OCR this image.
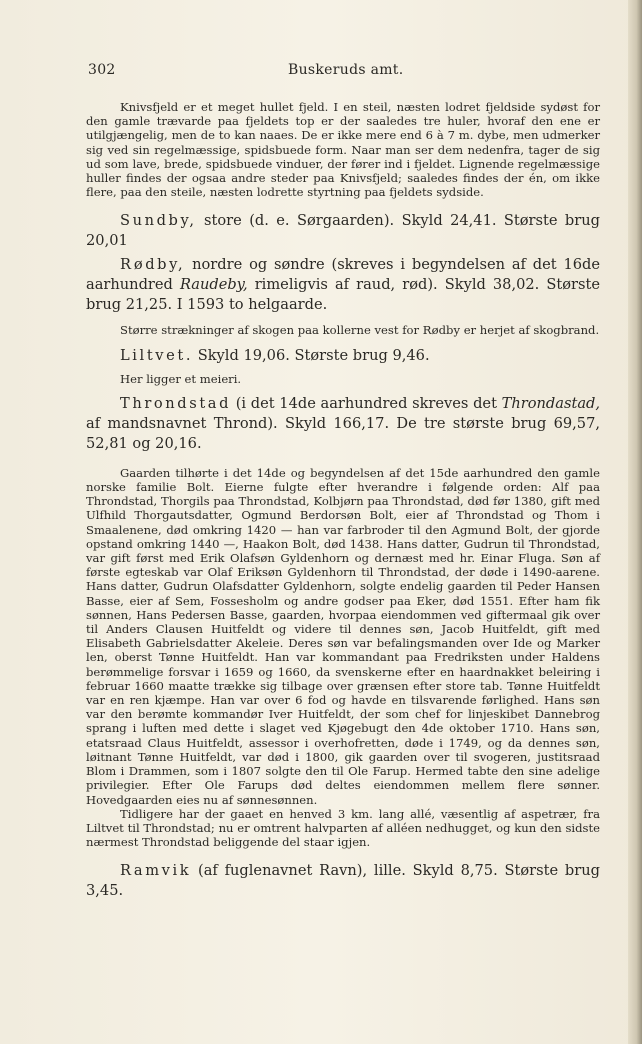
302	Buskeruds amt.

Knivsfjeld er et meget hullet fjeld. I en steil, næsten lodret fjeldside sydøst for den gamle trævarde paa fjeldets top er der saaledes tre huler, hvoraf den ene er utilgjængelig, men de to kan naaes. De er ikke mere end 6 à 7 m. dybe, men udmerker sig ved sin regelmæssige, spidsbuede form. Naar man ser dem nedenfra, tager de sig ud som lave, brede, spidsbuede vinduer, der fører ind i fjeldet. Lignende regelmæssige huller findes der ogsaa andre steder paa Knivsfjeld; saaledes findes der én, om ikke flere, paa den steile, næsten lodrette styrtning paa fjeldets sydside.

Sundby, store (d. e. Sørgaarden). Skyld 24,41. Største brug 20,01

Rødby, nordre og søndre (skreves i begyndelsen af det 16de aarhundred Raudeby, rimeligvis af raud, rød). Skyld 38,02. Største brug 21,25. I 1593 to helgaarde.

Større strækninger af skogen paa kollerne vest for Rødby er herjet af skogbrand.

Liltvet. Skyld 19,06. Største brug 9,46.

Her ligger et meieri.

Throndstad (i det 14de aarhundred skreves det Throndastad, af mandsnavnet Thrond). Skyld 166,17. De tre største brug 69,57, 52,81 og 20,16.

Gaarden tilhørte i det 14de og begyndelsen af det 15de aarhundred den gamle norske familie Bolt. Eierne fulgte efter hverandre i følgende orden: Alf paa Throndstad, Thorgils paa Throndstad, Kolbjørn paa Throndstad, død før 1380, gift med Ulfhild Thorgautsdatter, Ogmund Berdorsøn Bolt, eier af Throndstad og Thom i Smaalenene, død omkring 1420 — han var farbroder til den Agmund Bolt, der gjorde opstand omkring 1440 —, Haakon Bolt, død 1438. Hans datter, Gudrun til Throndstad, var gift først med Erik Olafsøn Gyldenhorn og dernæst med hr. Einar Fluga. Søn af første egteskab var Olaf Eriksøn Gyldenhorn til Throndstad, der døde i 1490-aarene. Hans datter, Gudrun Olafsdatter Gyldenhorn, solgte endelig gaarden til Peder Hansen Basse, eier af Sem, Fossesholm og andre godser paa Eker, død 1551. Efter ham fik sønnen, Hans Pedersen Basse, gaarden, hvorpaa eiendommen ved giftermaal gik over til Anders Clausen Huitfeldt og videre til dennes søn, Jacob Huitfeldt, gift med Elisabeth Gabrielsdatter Akeleie. Deres søn var befalingsmanden over Ide og Marker len, oberst Tønne Huitfeldt. Han var kommandant paa Fredriksten under Haldens berømmelige forsvar i 1659 og 1660, da svenskerne efter en haardnakket beleiring i februar 1660 maatte trække sig tilbage over grænsen efter store tab. Tønne Huitfeldt var en ren kjæmpe. Han var over 6 fod og havde en tilsvarende førlighed. Hans søn var den berømte kommandør Iver Huitfeldt, der som chef for linjeskibet Dannebrog sprang i luften med dette i slaget ved Kjøgebugt den 4de oktober 1710. Hans søn, etatsraad Claus Huitfeldt, assessor i overhofretten, døde i 1749, og da dennes søn, løitnant Tønne Huitfeldt, var død i 1800, gik gaarden over til svogeren, justitsraad Blom i Drammen, som i 1807 solgte den til Ole Farup. Hermed tabte den sine adelige privilegier. Efter Ole Farups død deltes eiendommen mellem flere sønner. Hovedgaarden eies nu af sønnesønnen.

Tidligere har der gaaet en henved 3 km. lang allé, væsentlig af aspetrær, fra Liltvet til Throndstad; nu er omtrent halvparten af alléen nedhugget, og kun den sidste nærmest Throndstad beliggende del staar igjen.

Ramvik (af fuglenavnet Ravn), lille. Skyld 8,75. Største brug 3,45.
